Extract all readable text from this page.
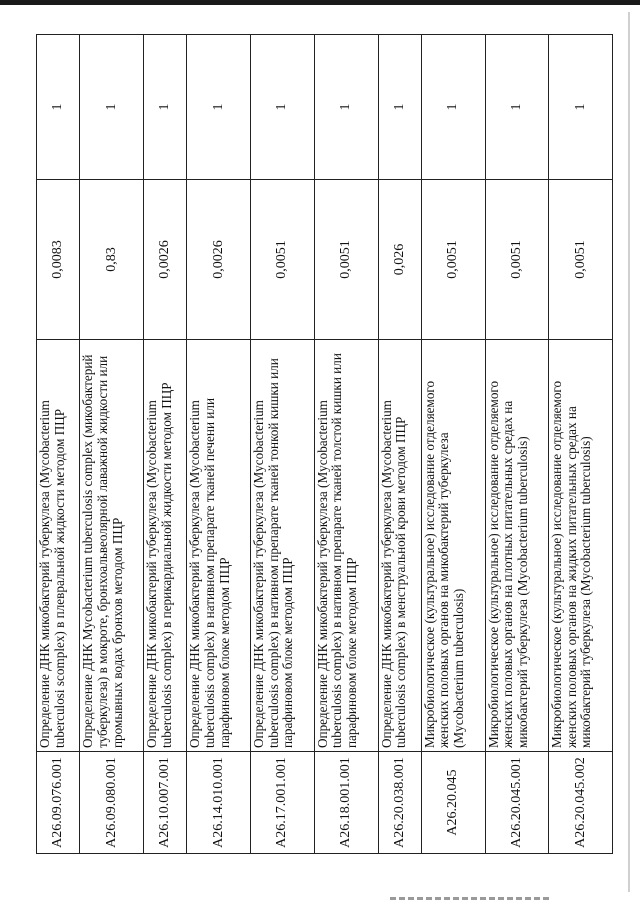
A26.09.076.001	Определение ДНК микобактерий туберкулеза (Mycobacterium tuberculosi scomplex) в плевральной жидкости методом ПЦР	0,0083	1
A26.09.080.001	Определение ДНК Mycobacterium tuberculosis complex (микобактерий туберкулеза) в мокроте, бронхоальвеолярной лаважной жидкости или промывных водах бронхов методом ПЦР	0,83	1
A26.10.007.001	Определение ДНК микобактерий туберкулеза (Mycobacterium tuberculosis complex) в перикардиальной жидкости методом ПЦР	0,0026	1
A26.14.010.001	Определение ДНК микобактерий туберкулеза (Mycobacterium tuberculosis complex) в нативном препарате тканей печени или парафиновом блоке методом ПЦР	0,0026	1
A26.17.001.001	Определение ДНК микобактерий туберкулеза (Mycobacterium tuberculosis complex) в нативном препарате тканей тонкой кишки или парафиновом блоке методом ПЦР	0,0051	1
A26.18.001.001	Определение ДНК микобактерий туберкулеза (Mycobacterium tuberculosis complex) в нативном препарате тканей толстой кишки или парафиновом блоке методом ПЦР	0,0051	1
A26.20.038.001	Определение ДНК микобактерий туберкулеза (Mycobacterium tuberculosis complex) в менструальной крови методом ПЦР	0,026	1
A26.20.045	Микробиологическое (культуральное) исследование отделяемого женских половых органов на микобактерий туберкулеза (Mycobacterium tuberculosis)	0,0051	1
A26.20.045.001	Микробиологическое (культуральное) исследование отделяемого женских половых органов на плотных питательных средах на микобактерий туберкулеза (Mycobacterium tuberculosis)	0,0051	1
A26.20.045.002	Микробиологическое (культуральное) исследование отделяемого женских половых органов на жидких питательных средах на микобактерий туберкулеза (Mycobacterium tuberculosis)	0,0051	1
